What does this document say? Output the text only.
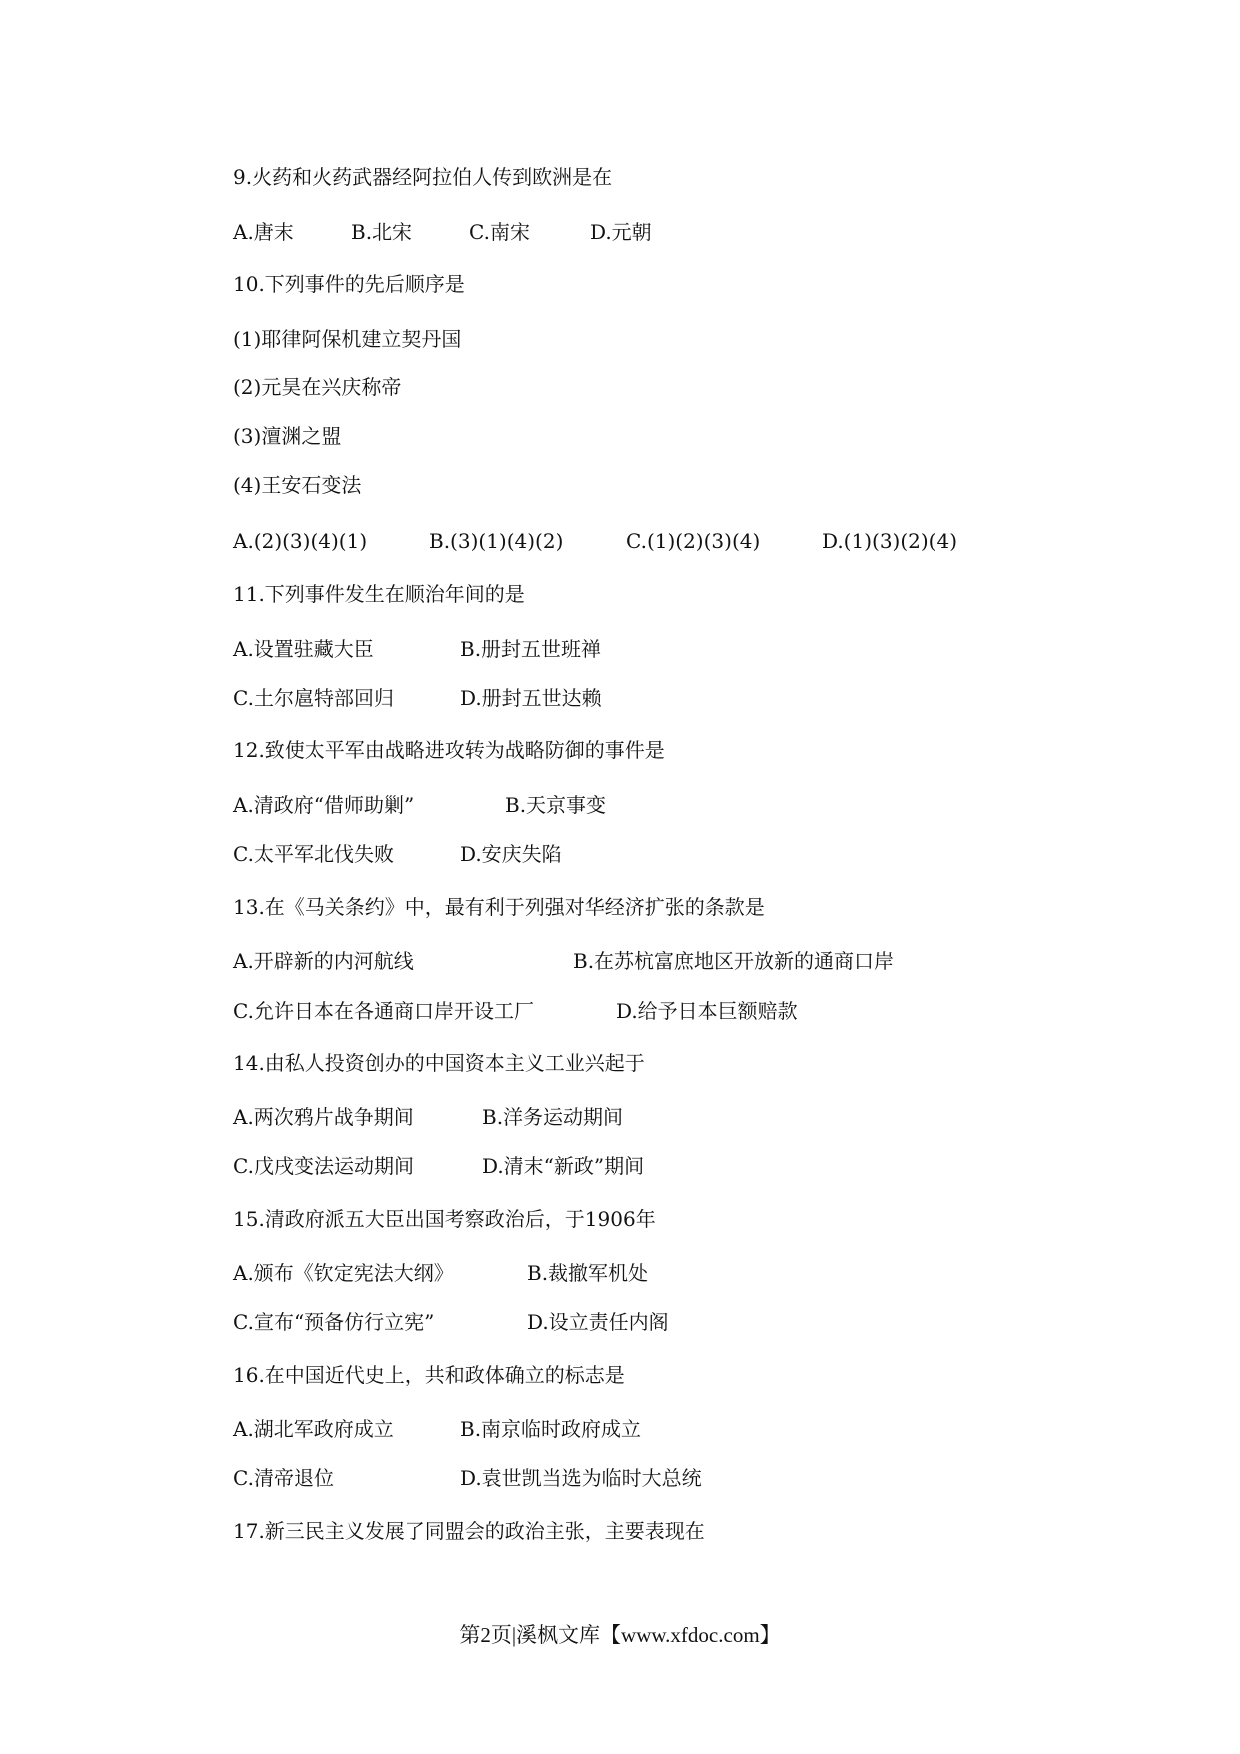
9.火药和火药武器经阿拉伯人传到欧洲是在
A.唐末	B.北宋	C.南宋	D.元朝
10.下列事件的先后顺序是
(1)耶律阿保机建立契丹国
(2)元昊在兴庆称帝
(3)澶渊之盟
(4)王安石变法
A.(2)(3)(4)(1)	B.(3)(1)(4)(2)	C.(1)(2)(3)(4)	D.(1)(3)(2)(4)
11.下列事件发生在顺治年间的是
A.设置驻藏大臣	B.册封五世班禅
C.土尔扈特部回归	D.册封五世达赖
12.致使太平军由战略进攻转为战略防御的事件是
A.清政府“借师助剿”	B.天京事变
C.太平军北伐失败	D.安庆失陷
13.在《马关条约》中，最有利于列强对华经济扩张的条款是
A.开辟新的内河航线	B.在苏杭富庶地区开放新的通商口岸
C.允许日本在各通商口岸开设工厂	D.给予日本巨额赔款
14.由私人投资创办的中国资本主义工业兴起于
A.两次鸦片战争期间	B.洋务运动期间
C.戊戌变法运动期间	D.清末“新政”期间
15.清政府派五大臣出国考察政治后，于1906年
A.颁布《钦定宪法大纲》	B.裁撤军机处
C.宣布“预备仿行立宪”	D.设立责任内阁
16.在中国近代史上，共和政体确立的标志是
A.湖北军政府成立	B.南京临时政府成立
C.清帝退位	D.袁世凯当选为临时大总统
17.新三民主义发展了同盟会的政治主张，主要表现在
第2页|溪枫文库【www.xfdoc.com】
